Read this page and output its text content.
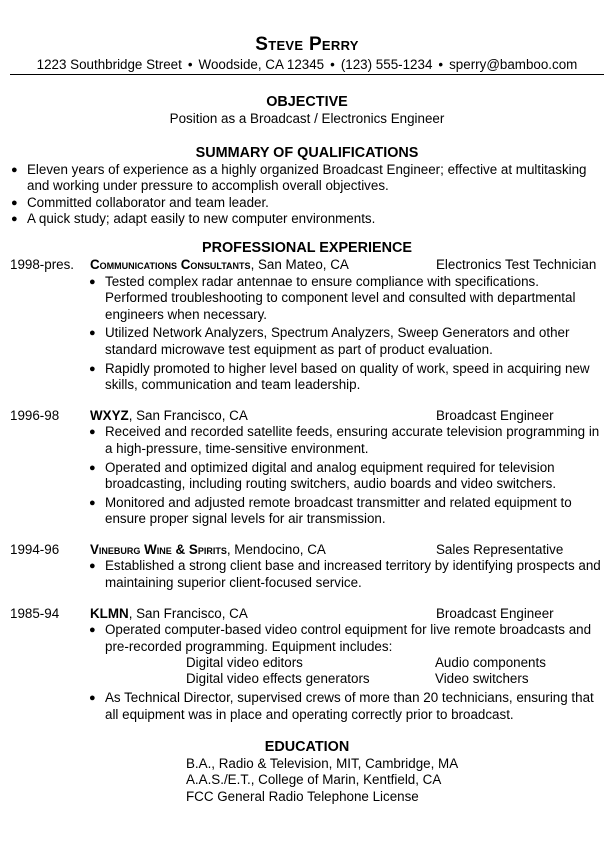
Steve Perry
1223 Southbridge Street • Woodside, CA 12345 • (123) 555-1234 • sperry@bamboo.com
OBJECTIVE
Position as a Broadcast / Electronics Engineer
SUMMARY OF QUALIFICATIONS
● Eleven years of experience as a highly organized Broadcast Engineer; effective at multitasking and working under pressure to accomplish overall objectives.
● Committed collaborator and team leader.
● A quick study; adapt easily to new computer environments.
PROFESSIONAL EXPERIENCE
1998-pres. Communications Consultants, San Mateo, CA	Electronics Test Technician
● Tested complex radar antennae to ensure compliance with specifications. Performed troubleshooting to component level and consulted with departmental engineers when necessary.
● Utilized Network Analyzers, Spectrum Analyzers, Sweep Generators and other standard microwave test equipment as part of product evaluation.
● Rapidly promoted to higher level based on quality of work, speed in acquiring new skills, communication and team leadership.
1996-98 WXYZ, San Francisco, CA	Broadcast Engineer
● Received and recorded satellite feeds, ensuring accurate television programming in a high-pressure, time-sensitive environment.
● Operated and optimized digital and analog equipment required for television broadcasting, including routing switchers, audio boards and video switchers.
● Monitored and adjusted remote broadcast transmitter and related equipment to ensure proper signal levels for air transmission.
1994-96 Vineburg Wine & Spirits, Mendocino, CA	Sales Representative
● Established a strong client base and increased territory by identifying prospects and maintaining superior client-focused service.
1985-94 KLMN, San Francisco, CA	Broadcast Engineer
● Operated computer-based video control equipment for live remote broadcasts and pre-recorded programming. Equipment includes:
Digital video editors	Audio components
Digital video effects generators	Video switchers
● As Technical Director, supervised crews of more than 20 technicians, ensuring that all equipment was in place and operating correctly prior to broadcast.
EDUCATION
B.A., Radio & Television, MIT, Cambridge, MA
A.A.S./E.T., College of Marin, Kentfield, CA
FCC General Radio Telephone License
